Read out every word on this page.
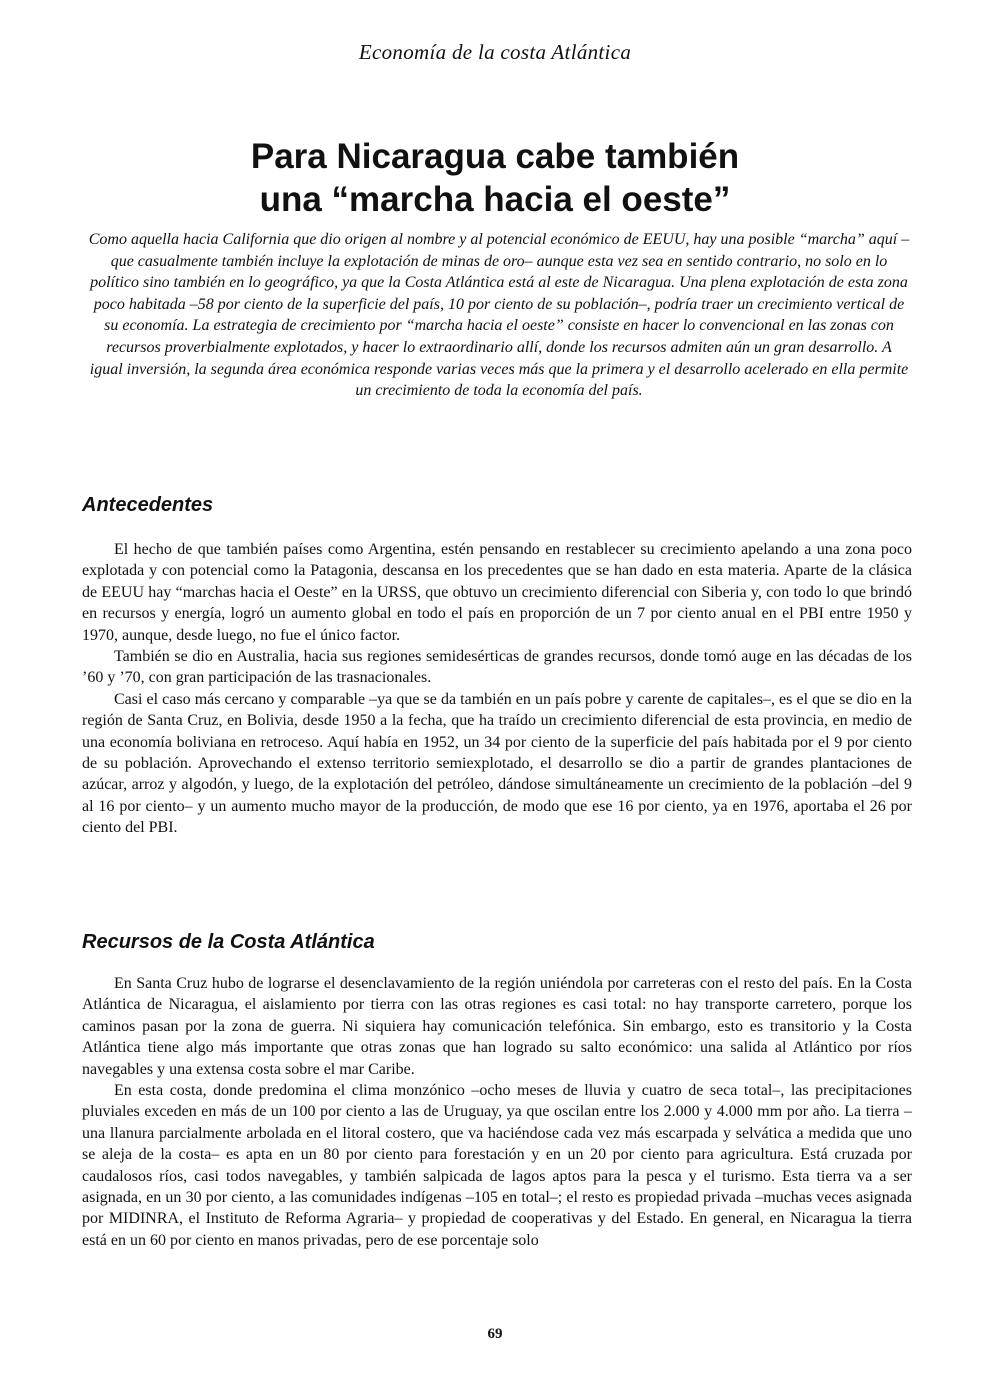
Economía de la costa Atlántica
Para Nicaragua cabe también
una “marcha hacia el oeste”

Como aquella hacia California que dio origen al nombre y al potencial económico de EEUU, hay una posible “marcha” aquí –que casualmente también incluye la explotación de minas de oro– aunque esta vez sea en sentido contrario, no solo en lo político sino también en lo geográfico, ya que la Costa Atlántica está al este de Nicaragua. Una plena explotación de esta zona poco habitada –58 por ciento de la superficie del país, 10 por ciento de su población–, podría traer un crecimiento vertical de su economía. La estrategia de crecimiento por “marcha hacia el oeste” consiste en hacer lo convencional en las zonas con recursos proverbialmente explotados, y hacer lo extraordinario allí, donde los recursos admiten aún un gran desarrollo. A igual inversión, la segunda área económica responde varias veces más que la primera y el desarrollo acelerado en ella permite un crecimiento de toda la economía del país.

Antecedentes

El hecho de que también países como Argentina, estén pensando en restablecer su crecimiento apelando a una zona poco explotada y con potencial como la Patagonia, descansa en los precedentes que se han dado en esta materia. Aparte de la clásica de EEUU hay “marchas hacia el Oeste” en la URSS, que obtuvo un crecimiento diferencial con Siberia y, con todo lo que brindó en recursos y energía, logró un aumento global en todo el país en proporción de un 7 por ciento anual en el PBI entre 1950 y 1970, aunque, desde luego, no fue el único factor.

También se dio en Australia, hacia sus regiones semidesérticas de grandes recursos, donde tomó auge en las décadas de los ’60 y ’70, con gran participación de las trasnacionales.

Casi el caso más cercano y comparable –ya que se da también en un país pobre y carente de capitales–, es el que se dio en la región de Santa Cruz, en Bolivia, desde 1950 a la fecha, que ha traído un crecimiento diferencial de esta provincia, en medio de una economía boliviana en retroceso. Aquí había en 1952, un 34 por ciento de la superficie del país habitada por el 9 por ciento de su población. Aprovechando el extenso territorio semiexplotado, el desarrollo se dio a partir de grandes plantaciones de azúcar, arroz y algodón, y luego, de la explotación del petróleo, dándose simultáneamente un crecimiento de la población –del 9 al 16 por ciento– y un aumento mucho mayor de la producción, de modo que ese 16 por ciento, ya en 1976, aportaba el 26 por ciento del PBI.

Recursos de la Costa Atlántica

En Santa Cruz hubo de lograrse el desenclavamiento de la región uniéndola por carreteras con el resto del país. En la Costa Atlántica de Nicaragua, el aislamiento por tierra con las otras regiones es casi total: no hay transporte carretero, porque los caminos pasan por la zona de guerra. Ni siquiera hay comunicación telefónica. Sin embargo, esto es transitorio y la Costa Atlántica tiene algo más importante que otras zonas que han logrado su salto económico: una salida al Atlántico por ríos navegables y una extensa costa sobre el mar Caribe.

En esta costa, donde predomina el clima monzónico –ocho meses de lluvia y cuatro de seca total–, las precipitaciones pluviales exceden en más de un 100 por ciento a las de Uruguay, ya que oscilan entre los 2.000 y 4.000 mm por año. La tierra –una llanura parcialmente arbolada en el litoral costero, que va haciéndose cada vez más escarpada y selvática a medida que uno se aleja de la costa– es apta en un 80 por ciento para forestación y en un 20 por ciento para agricultura. Está cruzada por caudalosos ríos, casi todos navegables, y también salpicada de lagos aptos para la pesca y el turismo. Esta tierra va a ser asignada, en un 30 por ciento, a las comunidades indígenas –105 en total–; el resto es propiedad privada –muchas veces asignada por MIDINRA, el Instituto de Reforma Agraria– y propiedad de cooperativas y del Estado. En general, en Nicaragua la tierra está en un 60 por ciento en manos privadas, pero de ese porcentaje solo

69
